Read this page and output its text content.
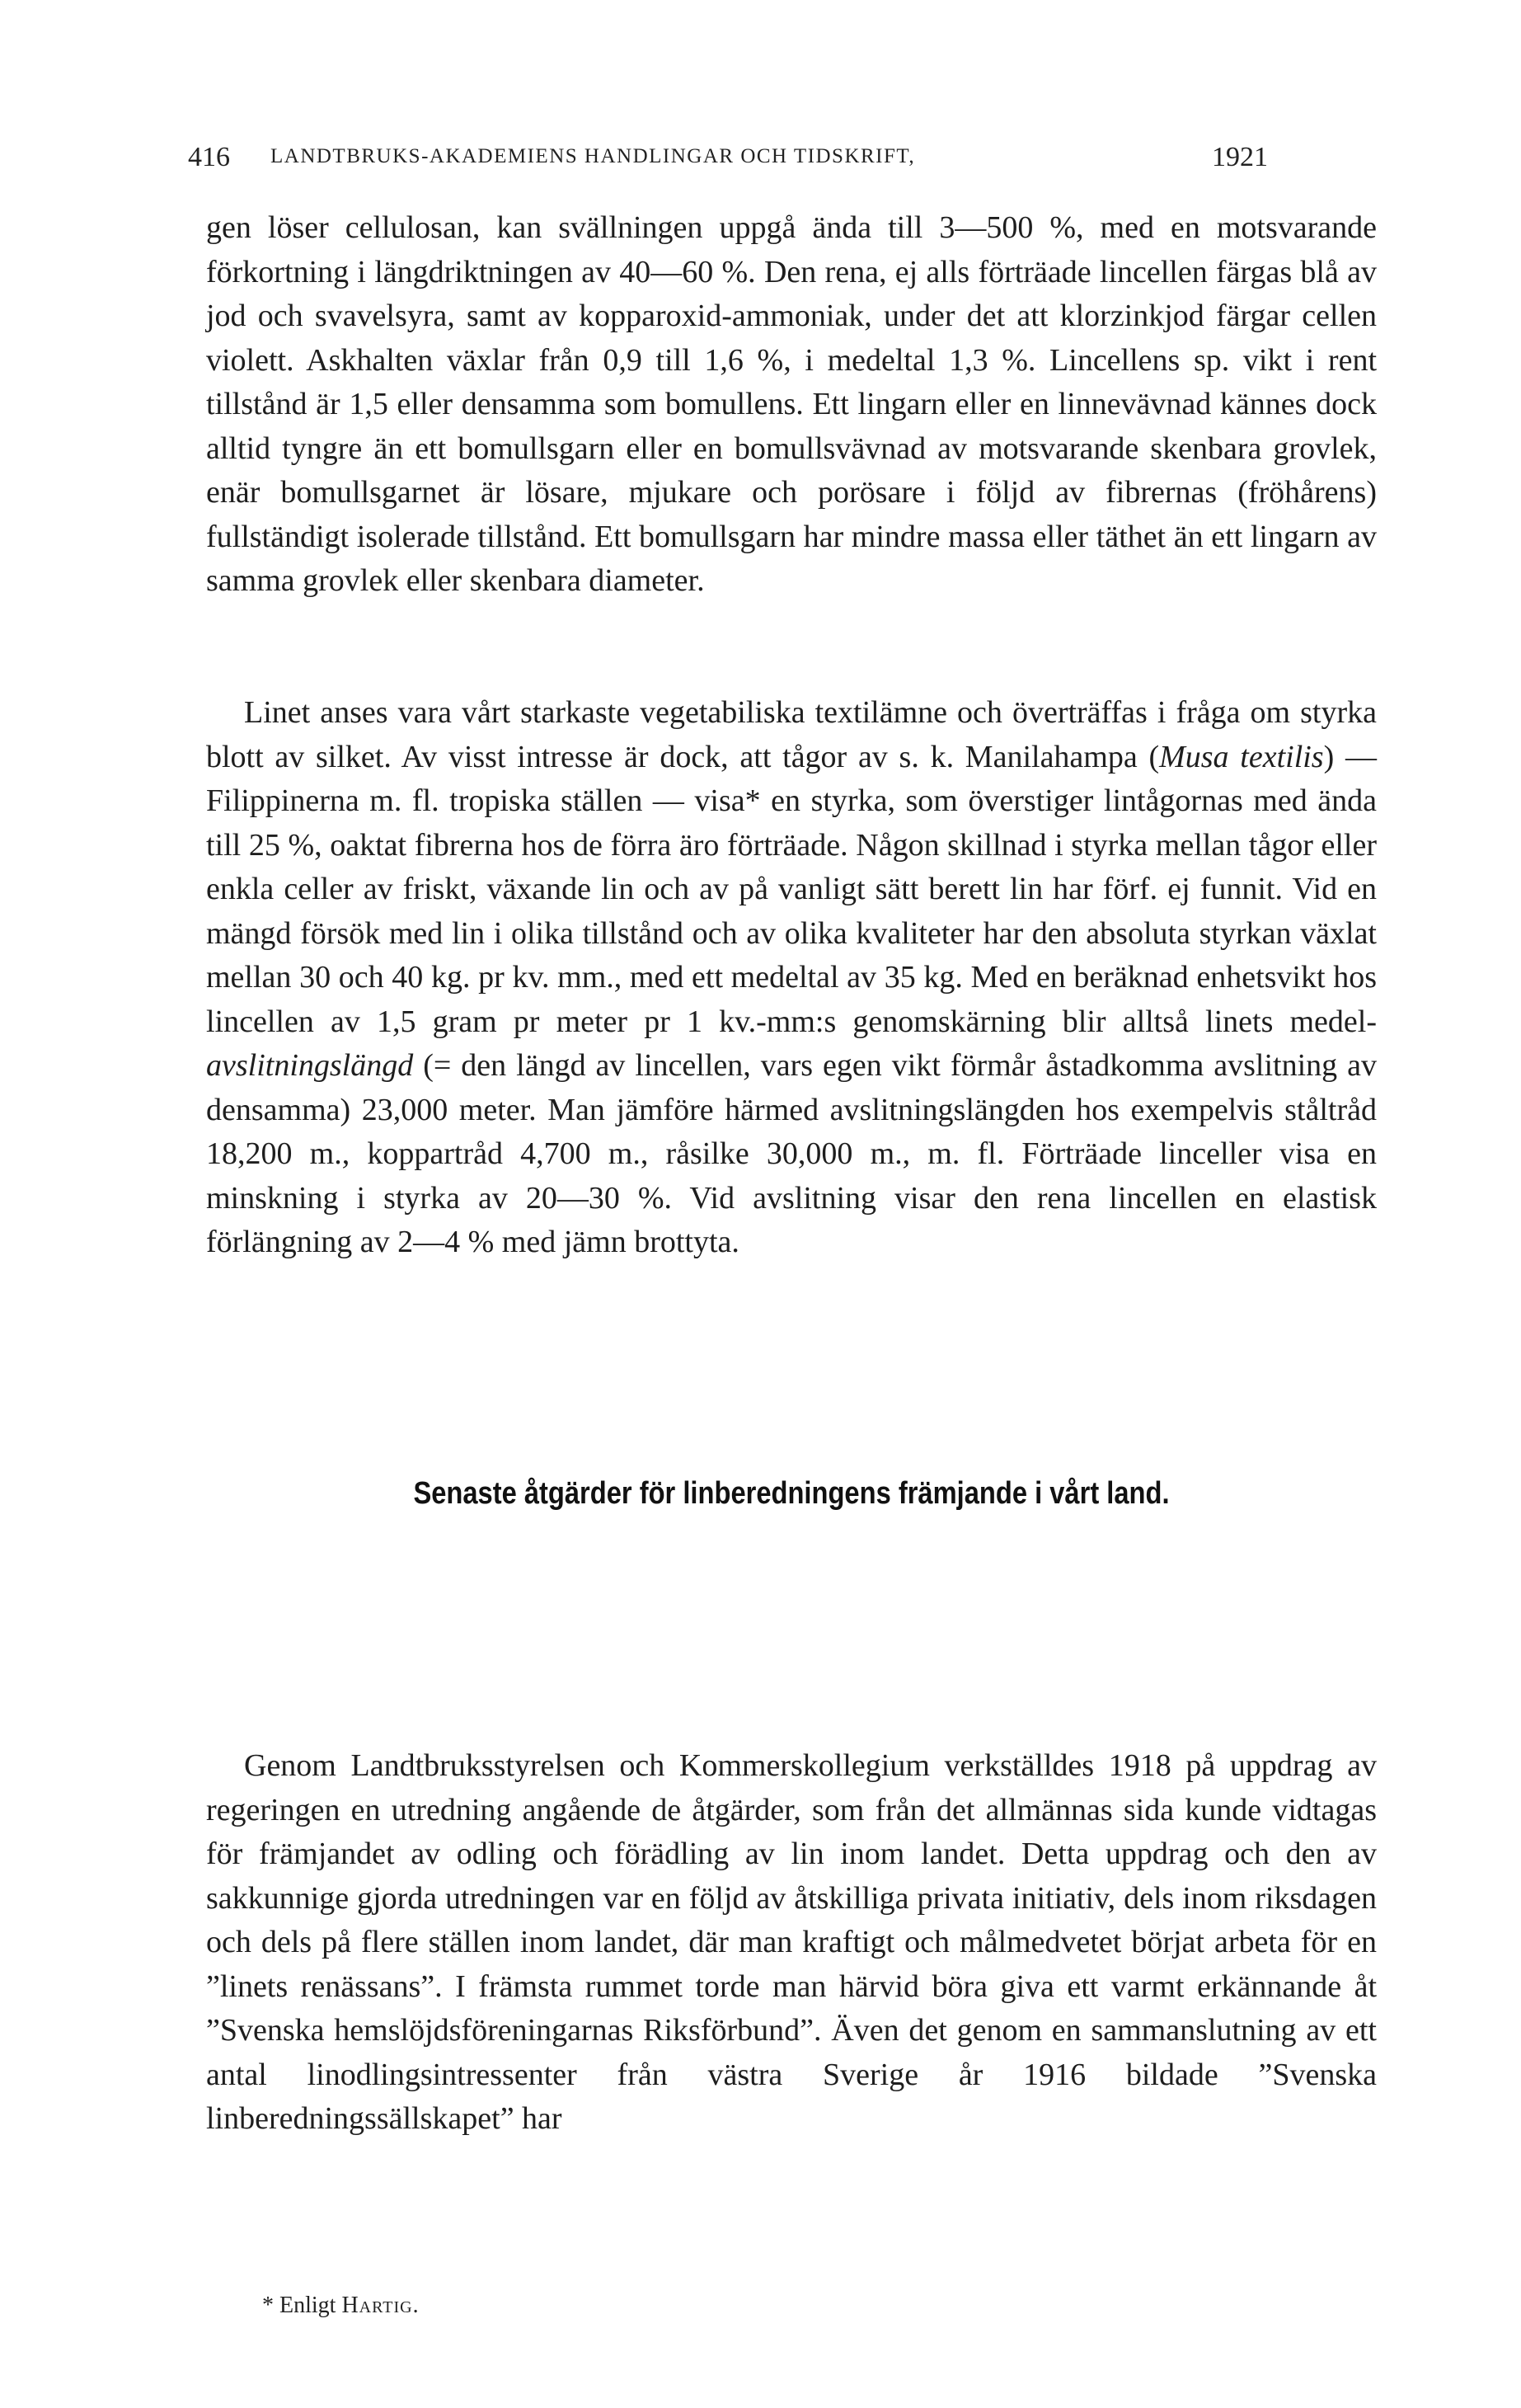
416 LANDTBRUKS-AKADEMIENS HANDLINGAR OCH TIDSKRIFT,	1921

gen löser cellulosan, kan svällningen uppgå ända till 3—500 %, med en motsvarande förkortning i längdriktningen av 40—60 %. Den rena, ej alls förträade lincellen färgas blå av jod och svavelsyra, samt av kopparoxid-ammoniak, under det att klorzinkjod färgar cellen violett. Askhalten växlar från 0,9 till 1,6 %, i medeltal 1,3 %. Lincellens sp. vikt i rent tillstånd är 1,5 eller densamma som bomullens. Ett lingarn eller en linnevävnad kännes dock alltid tyngre än ett bomullsgarn eller en bomullsvävnad av motsvarande skenbara grovlek, enär bomullsgarnet är lösare, mjukare och porösare i följd av fibrernas (fröhårens) fullständigt isolerade tillstånd. Ett bomullsgarn har mindre massa eller täthet än ett lingarn av samma grovlek eller skenbara diameter.

Linet anses vara vårt starkaste vegetabiliska textilämne och överträffas i fråga om styrka blott av silket. Av visst intresse är dock, att tågor av s. k. Manilahampa (Musa textilis) — Filippinerna m. fl. tropiska ställen — visa* en styrka, som överstiger lintågornas med ända till 25 %, oaktat fibrerna hos de förra äro förträade. Någon skillnad i styrka mellan tågor eller enkla celler av friskt, växande lin och av på vanligt sätt berett lin har förf. ej funnit. Vid en mängd försök med lin i olika tillstånd och av olika kvaliteter har den absoluta styrkan växlat mellan 30 och 40 kg. pr kv. mm., med ett medeltal av 35 kg. Med en beräknad enhetsvikt hos lincellen av 1,5 gram pr meter pr 1 kv.-mm:s genomskärning blir alltså linets medel-avslitningslängd (= den längd av lincellen, vars egen vikt förmår åstadkomma avslitning av densamma) 23,000 meter. Man jämföre härmed avslitningslängden hos exempelvis ståltråd 18,200 m., koppartråd 4,700 m., råsilke 30,000 m., m. fl. Förträade linceller visa en minskning i styrka av 20—30 %. Vid avslitning visar den rena lincellen en elastisk förlängning av 2—4 % med jämn brottyta.

Senaste åtgärder för linberedningens främjande i vårt land.

Genom Landtbruksstyrelsen och Kommerskollegium verkställdes 1918 på uppdrag av regeringen en utredning angående de åtgärder, som från det allmännas sida kunde vidtagas för främjandet av odling och förädling av lin inom landet. Detta uppdrag och den av sakkunnige gjorda utredningen var en följd av åtskilliga privata initiativ, dels inom riksdagen och dels på flere ställen inom landet, där man kraftigt och målmedvetet börjat arbeta för en ”linets renässans”. I främsta rummet torde man härvid böra giva ett varmt erkännande åt ”Svenska hemslöjdsföreningarnas Riksförbund”. Även det genom en sammanslutning av ett antal linodlingsintressenter från västra Sverige år 1916 bildade ”Svenska linberedningssällskapet” har

* Enligt Hartig.
